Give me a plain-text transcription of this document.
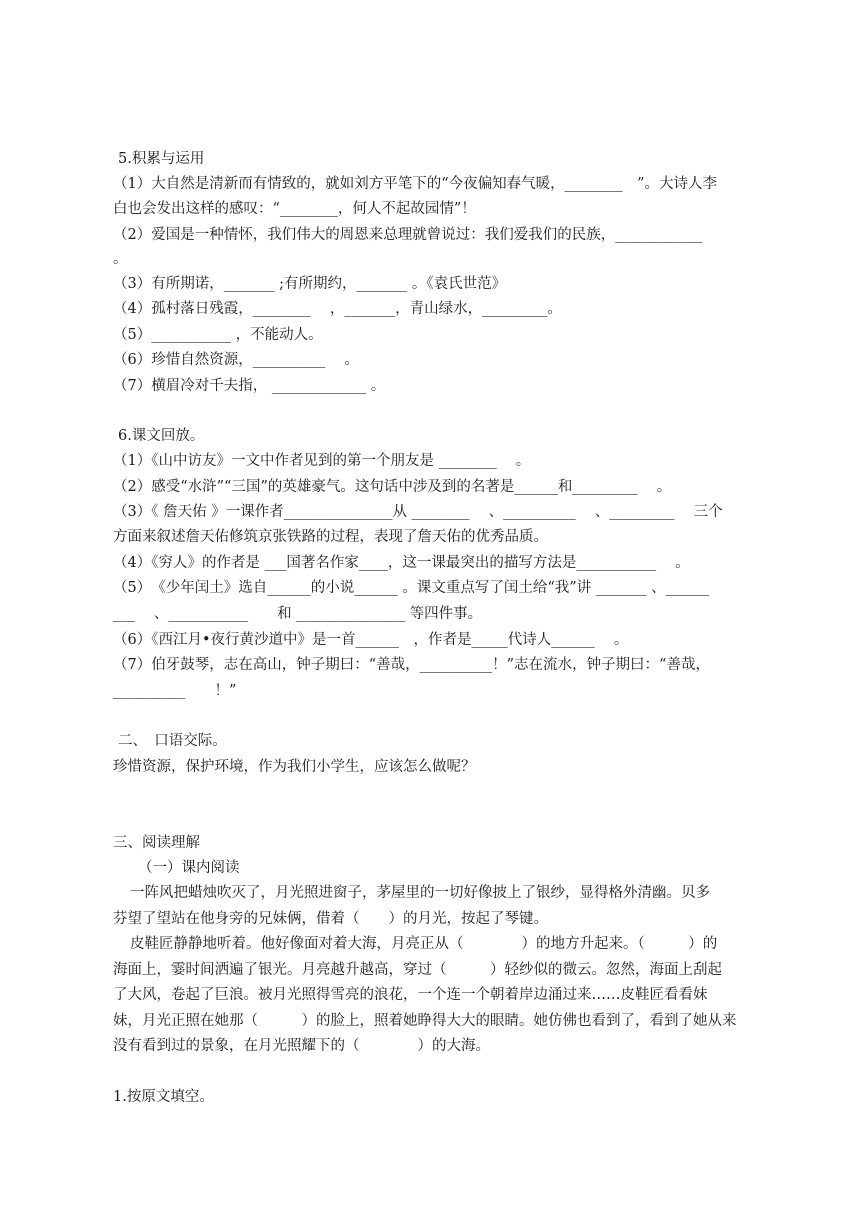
5.积累与运用
（1）大自然是清新而有情致的，就如刘方平笔下的“今夜偏知春气暖，________　”。大诗人李
白也会发出这样的感叹：“________，何人不起故园情”！
（2）爱国是一种情怀，我们伟大的周恩来总理就曾说过：我们爱我们的民族，____________
。
（3）有所期诺，_______ ;有所期约，_______ 。《袁氏世范》
（4）孤村落日残霞，________　 ，_______，青山绿水，_________。
（5）___________ ，不能动人。
（6）珍惜自然资源，__________　 。
（7）横眉冷对千夫指， _____________ 。
6.课文回放。
（1）《山中访友》一文中作者见到的第一个朋友是 ________　 。
（2）感受“水浒”“三国”的英雄豪气。这句话中涉及到的名著是______和_________　 。
（3）《 詹天佑 》一课作者_______________从 ________　 、__________　 、_________　 三个
方面来叙述詹天佑修筑京张铁路的过程，表现了詹天佑的优秀品质。
（4）《穷人》的作者是 ___国著名作家____，这一课最突出的描写方法是___________　 。
（5）　《少年闰土》选自______的小说______ 。课文重点写了闰土给“我”讲 _______ 、______
___　 、___________　　和 _______________ 等四件事。
（6）《西江月•夜行黄沙道中》是一首______　，作者是_____代诗人______　 。
（7）伯牙鼓琴，志在高山，钟子期曰：“善哉，__________！”志在流水，钟子期曰：“善哉，
__________　　！”
二、　口语交际。
珍惜资源，保护环境，作为我们小学生，应该怎么做呢？
三、阅读理解
（一）课内阅读
一阵风把蜡烛吹灭了，月光照进窗子，茅屋里的一切好像披上了银纱，显得格外清幽。贝多
芬望了望站在他身旁的兄妹俩，借着（　　）的月光，按起了琴键。
皮鞋匠静静地听着。他好像面对着大海，月亮正从（　　　　）的地方升起来。（　　　）的
海面上，霎时间洒遍了银光。月亮越升越高，穿过（　　　）轻纱似的微云。忽然，海面上刮起
了大风，卷起了巨浪。被月光照得雪亮的浪花，一个连一个朝着岸边涌过来……皮鞋匠看看妹
妹，月光正照在她那（　　　）的脸上，照着她睁得大大的眼睛。她仿佛也看到了，看到了她从来
没有看到过的景象，在月光照耀下的（　　　　）的大海。
1.按原文填空。
